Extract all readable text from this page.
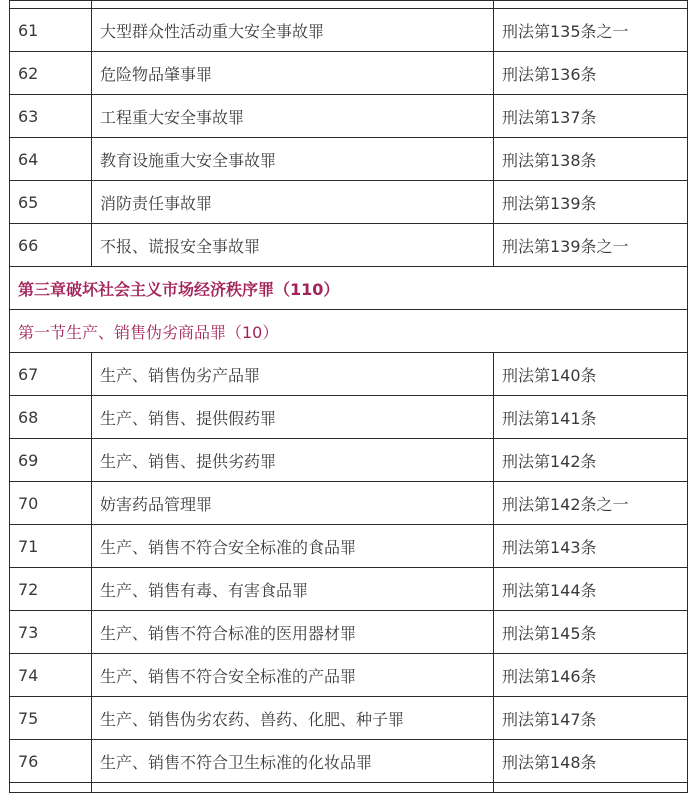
61	大型群众性活动重大安全事故罪	刑法第135条之一
62	危险物品肇事罪	刑法第136条
63	工程重大安全事故罪	刑法第137条
64	教育设施重大安全事故罪	刑法第138条
65	消防责任事故罪	刑法第139条
66	不报、谎报安全事故罪	刑法第139条之一
第三章破坏社会主义市场经济秩序罪（110）		
第一节生产、销售伪劣商品罪（10）		
67	生产、销售伪劣产品罪	刑法第140条
68	生产、销售、提供假药罪	刑法第141条
69	生产、销售、提供劣药罪	刑法第142条
70	妨害药品管理罪	刑法第142条之一
71	生产、销售不符合安全标准的食品罪	刑法第143条
72	生产、销售有毒、有害食品罪	刑法第144条
73	生产、销售不符合标准的医用器材罪	刑法第145条
74	生产、销售不符合安全标准的产品罪	刑法第146条
75	生产、销售伪劣农药、兽药、化肥、种子罪	刑法第147条
76	生产、销售不符合卫生标准的化妆品罪	刑法第148条
